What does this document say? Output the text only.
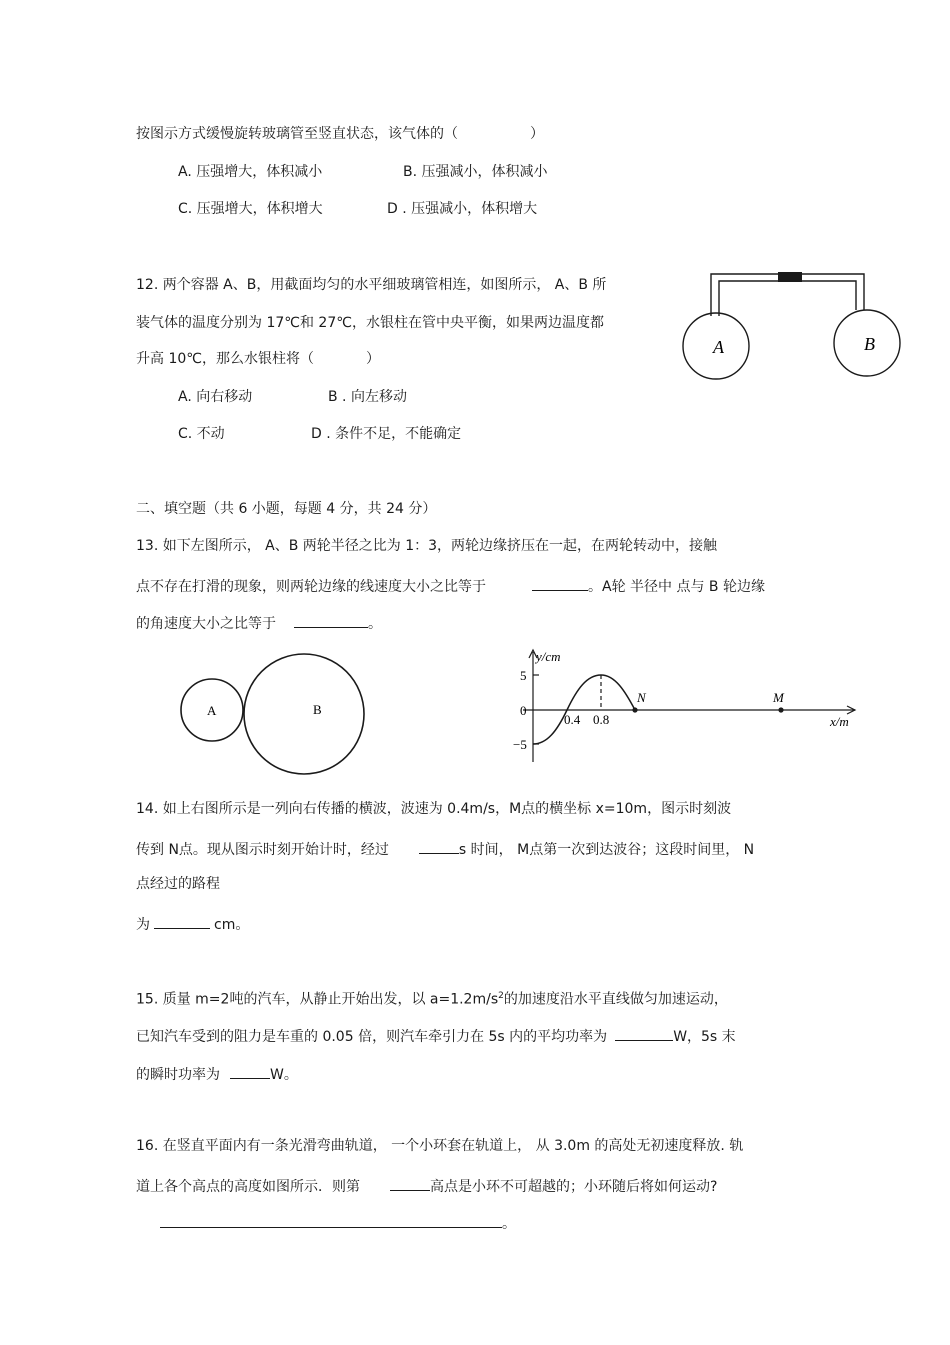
按图示方式缓慢旋转玻璃管至竖直状态，该气体的（	）
A. 压强增大，体积减小	B. 压强减小，体积减小
C. 压强增大，体积增大	D . 压强减小，体积增大
12. 两个容器 A、B，用截面均匀的水平细玻璃管相连，如图所示， A、B 所
装气体的温度分别为 17℃和 27℃，水银柱在管中央平衡，如果两边温度都
升高 10℃，那么水银柱将（	）
A. 向右移动	B . 向左移动
C. 不动	D . 条件不足，不能确定
A	B
二、填空题（共 6 小题，每题 4 分，共 24 分）
13. 如下左图所示， A、B 两轮半径之比为 1：3，两轮边缘挤压在一起，在两轮转动中，接触
点不存在打滑的现象，则两轮边缘的线速度大小之比等于	。A轮 半径中 点与 B 轮边缘
的角速度大小之比等于	。
A	B
y/cm
x/m
5
−5
0
0.4 0.8
N	M
14. 如上右图所示是一列向右传播的横波，波速为 0.4m/s，M点的横坐标 x=10m，图示时刻波
传到 N点。现从图示时刻开始计时，经过	s 时间， M点第一次到达波谷；这段时间里， N
点经过的路程
为	cm。
15. 质量 m=2吨的汽车，从静止开始出发，以 $a=1.2m/s^2$的加速度沿水平直线做匀加速运动，
已知汽车受到的阻力是车重的 0.05 倍，则汽车牵引力在 5s 内的平均功率为	W，5s 末
的瞬时功率为	W。
16. 在竖直平面内有一条光滑弯曲轨道， 一个小环套在轨道上， 从 3.0m 的高处无初速度释放. 轨
道上各个高点的高度如图所示．则第	高点是小环不可超越的；小环随后将如何运动?
。
